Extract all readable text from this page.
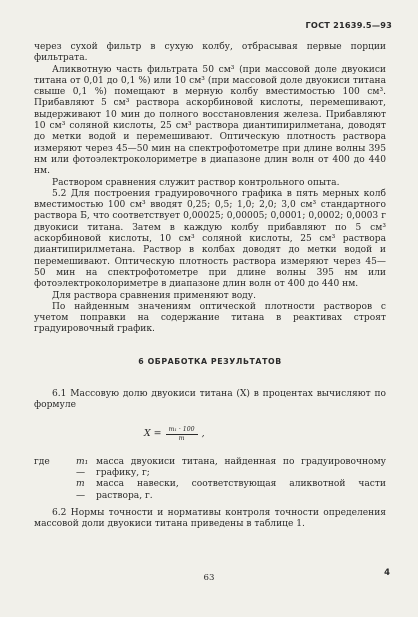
ГОСТ 21639.5—93

через сухой фильтр в сухую колбу, отбрасывая первые порции фильтрата.

Аликвотную часть фильтрата 50 см³ (при массовой доле двуокиси титана от 0,01 до 0,1 %) или 10 см³ (при массовой доле двуокиси титана свыше 0,1 %) помещают в мерную колбу вместимостью 100 см³. Прибавляют 5 см³ раствора аскорбиновой кислоты, перемешивают, выдерживают 10 мин до полного восстановления железа. Прибавляют 10 см³ соляной кислоты, 25 см³ раствора диантипирилметана, доводят до метки водой и перемешивают. Оптическую плотность раствора измеряют через 45—50 мин на спектрофотометре при длине волны 395 нм или фотоэлектроколориметре в диапазоне длин волн от 400 до 440 нм.

Раствором сравнения служит раствор контрольного опыта.

5.2 Для построения градуировочного графика в пять мерных колб вместимостью 100 см³ вводят 0,25; 0,5; 1,0; 2,0; 3,0 см³ стандартного раствора Б, что соответствует 0,00025; 0,00005; 0,0001; 0,0002; 0,0003 г двуокиси титана. Затем в каждую колбу прибавляют по 5 см³ аскорбиновой кислоты, 10 см³ соляной кислоты, 25 см³ раствора диантипирилметана. Раствор в колбах доводят до метки водой и перемешивают. Оптическую плотность раствора измеряют через 45—50 мин на спектрофотометре при длине волны 395 нм или фотоэлектроколориметре в диапазоне длин волн от 400 до 440 нм.

Для раствора сравнения применяют воду.

По найденным значениям оптической плотности растворов с учетом поправки на содержание титана в реактивах строят градуировочный график.

6 ОБРАБОТКА РЕЗУЛЬТАТОВ

6.1 Массовую долю двуокиси титана (X) в процентах вычисляют по формуле

$X = \frac{\text{m₁ · 100}}{m}$ ,
где	m₁ —
масса двуокиси титана, найденная по градуировочному графику, г;
m —
масса навески, соответствующая аликвотной части раствора, г.

6.2 Нормы точности и нормативы контроля точности определения массовой доли двуокиси титана приведены в таблице 1.

63
4
